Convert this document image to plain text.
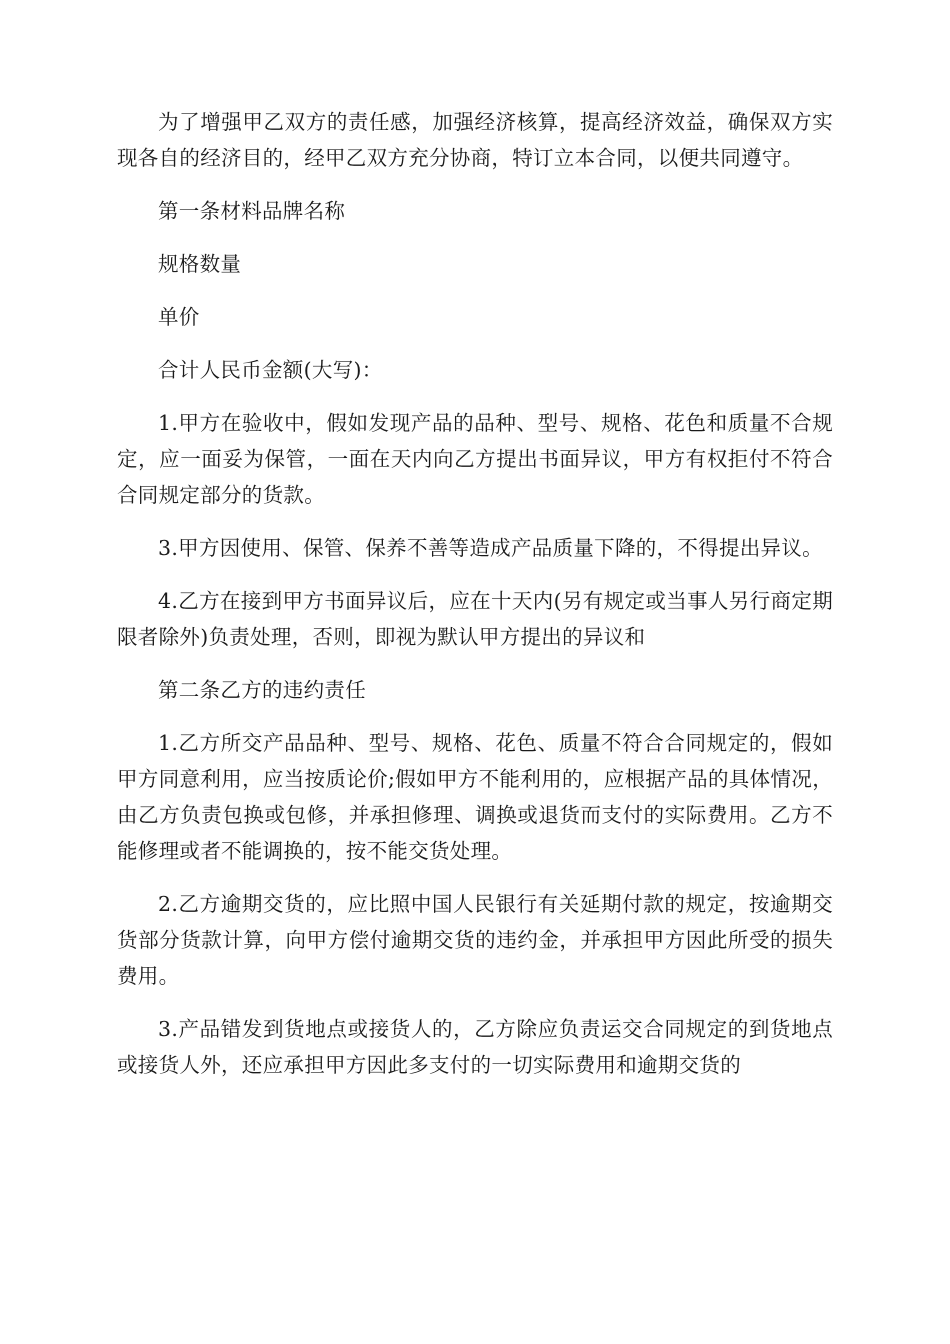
为了增强甲乙双方的责任感，加强经济核算，提高经济效益，确保双方实现各自的经济目的，经甲乙双方充分协商，特订立本合同，以便共同遵守。

第一条材料品牌名称

规格数量

单价

合计人民币金额(大写)：

1.甲方在验收中，假如发现产品的品种、型号、规格、花色和质量不合规定，应一面妥为保管，一面在天内向乙方提出书面异议，甲方有权拒付不符合合同规定部分的货款。

3.甲方因使用、保管、保养不善等造成产品质量下降的，不得提出异议。

4.乙方在接到甲方书面异议后，应在十天内(另有规定或当事人另行商定期限者除外)负责处理，否则，即视为默认甲方提出的异议和

第二条乙方的违约责任

1.乙方所交产品品种、型号、规格、花色、质量不符合合同规定的，假如甲方同意利用，应当按质论价;假如甲方不能利用的，应根据产品的具体情况，由乙方负责包换或包修，并承担修理、调换或退货而支付的实际费用。乙方不能修理或者不能调换的，按不能交货处理。

2.乙方逾期交货的，应比照中国人民银行有关延期付款的规定，按逾期交货部分货款计算，向甲方偿付逾期交货的违约金，并承担甲方因此所受的损失费用。

3.产品错发到货地点或接货人的，乙方除应负责运交合同规定的到货地点或接货人外，还应承担甲方因此多支付的一切实际费用和逾期交货的
